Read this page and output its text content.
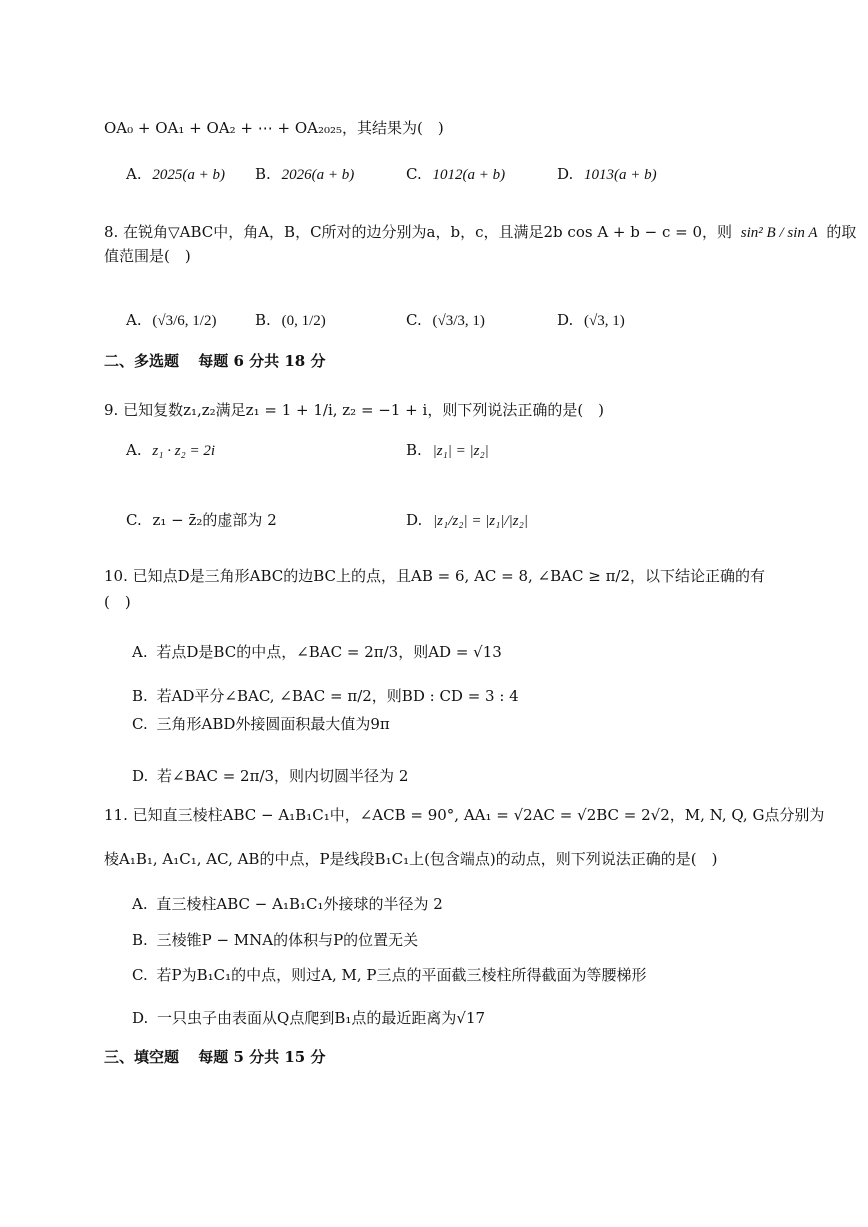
OA₀ + OA₁ + OA₂ + ⋯ + OA₂₀₂₅，其结果为(　)
A. 2025(a + b) B. 2026(a + b)	C. 1012(a + b)	D. 1013(a + b)
8. 在锐角▽ABC中，角A，B，C所对的边分别为a，b，c，且满足2b cos A + b − c = 0，则 sin² B / sin A 的取
值范围是(　)
A. (√3/6, 1/2)	B. (0, 1/2)	C. (√3/3, 1)	D. (√3, 1)
二、多选题 每题 6 分共 18 分
9. 已知复数z₁,z₂满足z₁ = 1 + 1/i, z₂ = −1 + i，则下列说法正确的是(　)
A. z₁ · z₂ = 2i	B. |z₁| = |z₂|
C. z₁ − z̄₂的虚部为 2	D. |z₁/z₂| = |z₁|/|z₂|
10. 已知点D是三角形ABC的边BC上的点，且AB = 6, AC = 8, ∠BAC ≥ π/2，以下结论正确的有
(　)
A. 若点D是BC的中点，∠BAC = 2π/3，则AD = √13
B. 若AD平分∠BAC, ∠BAC = π/2，则BD : CD = 3 : 4
C. 三角形ABD外接圆面积最大值为9π
D. 若∠BAC = 2π/3，则内切圆半径为 2
11. 已知直三棱柱ABC − A₁B₁C₁中，∠ACB = 90°, AA₁ = √2AC = √2BC = 2√2，M, N, Q, G点分别为
棱A₁B₁, A₁C₁, AC, AB的中点，P是线段B₁C₁上(包含端点)的动点，则下列说法正确的是(　)
A. 直三棱柱ABC − A₁B₁C₁外接球的半径为 2
B. 三棱锥P − MNA的体积与P的位置无关
C. 若P为B₁C₁的中点，则过A, M, P三点的平面截三棱柱所得截面为等腰梯形
D. 一只虫子由表面从Q点爬到B₁点的最近距离为√17
三、填空题 每题 5 分共 15 分
